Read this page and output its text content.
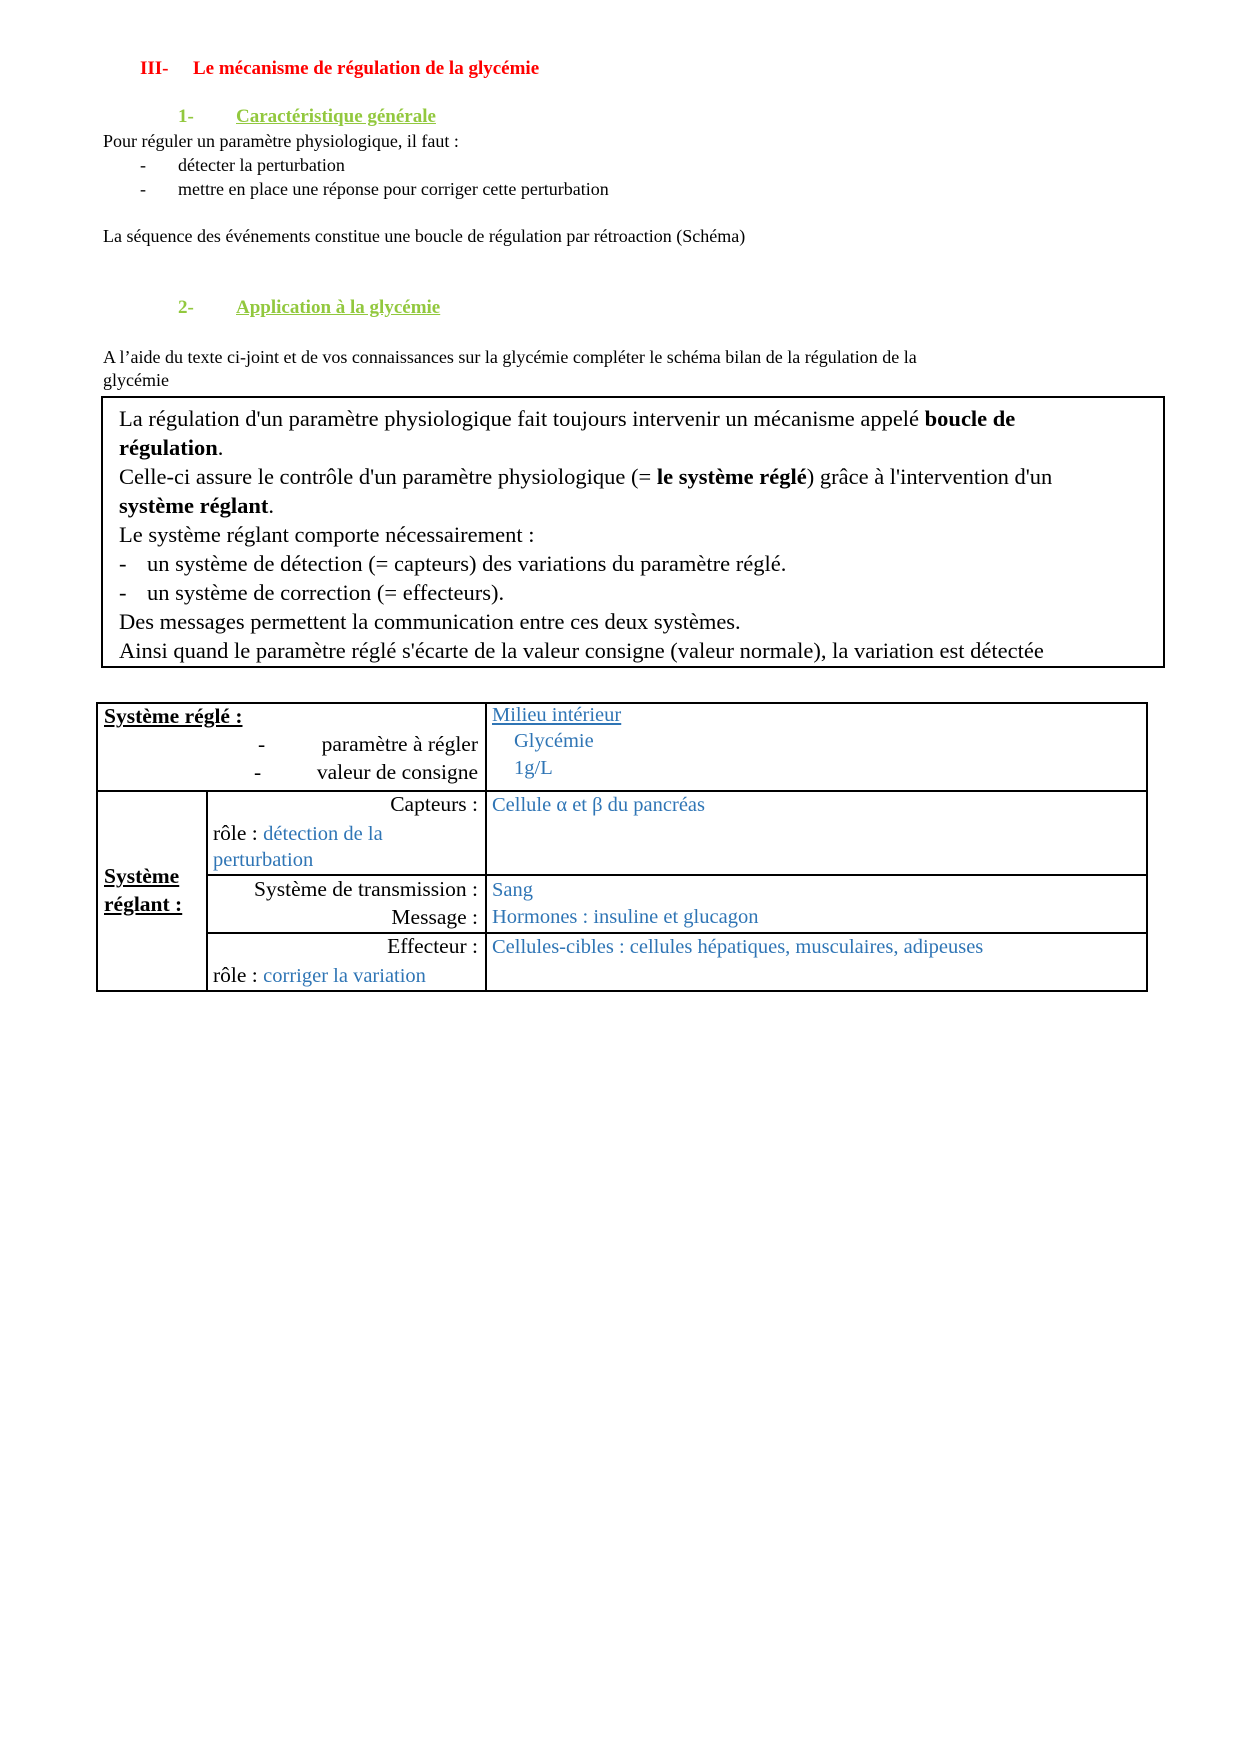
III- Le mécanisme de régulation de la glycémie
1- Caractéristique générale
Pour réguler un paramètre physiologique, il faut :
- détecter la perturbation
- mettre en place une réponse pour corriger cette perturbation
La séquence des événements constitue une boucle de régulation par rétroaction (Schéma)
2- Application à la glycémie
A l’aide du texte ci-joint et de vos connaissances sur la glycémie compléter le schéma bilan de la régulation de la
glycémie
La régulation d'un paramètre physiologique fait toujours intervenir un mécanisme appelé boucle de
régulation.
Celle-ci assure le contrôle d'un paramètre physiologique (= le système réglé) grâce à l'intervention d'un
système réglant.
Le système réglant comporte nécessairement :
- un système de détection (= capteurs) des variations du paramètre réglé.
- un système de correction (= effecteurs).
Des messages permettent la communication entre ces deux systèmes.
Ainsi quand le paramètre réglé s'écarte de la valeur consigne (valeur normale), la variation est détectée
Système réglé :
-	paramètre à régler
-	valeur de consigne
Milieu intérieur
Glycémie
1g/L
Système
réglant :
Capteurs :
rôle : détection de la
perturbation
Cellule α et β du pancréas
Système de transmission :
Message :
Sang
Hormones : insuline et glucagon
Effecteur :
rôle : corriger la variation
Cellules-cibles : cellules hépatiques, musculaires, adipeuses
